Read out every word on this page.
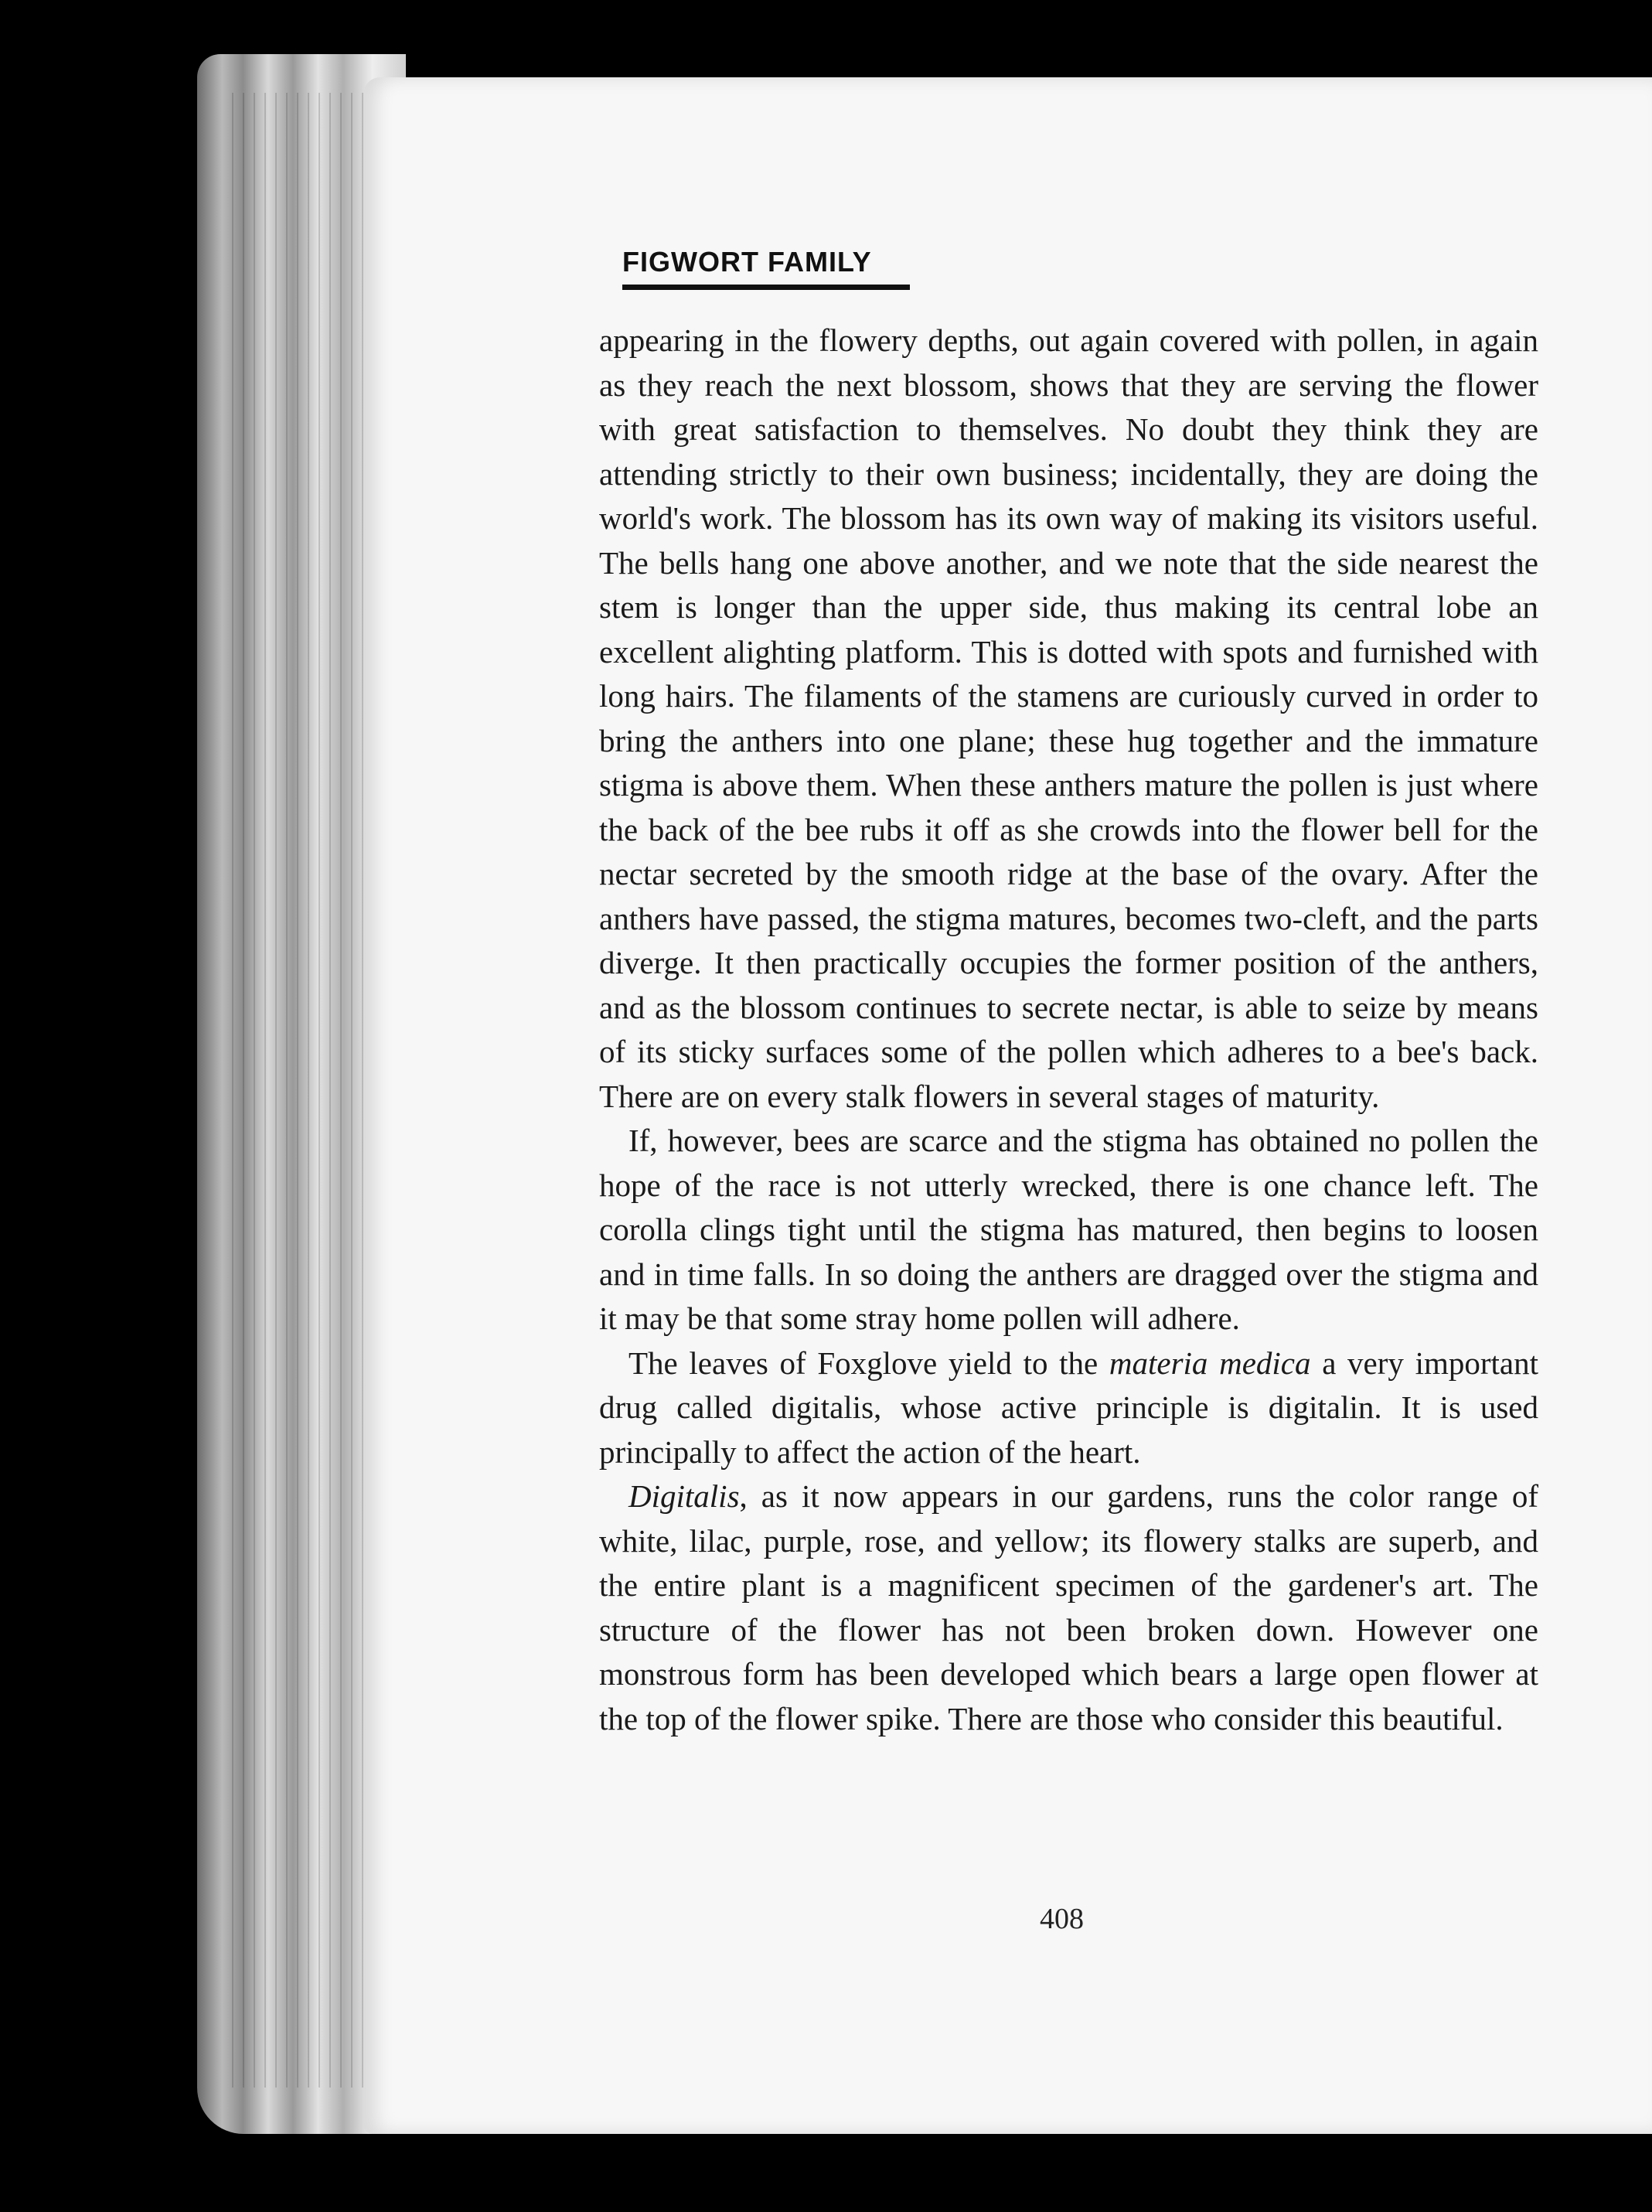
FIGWORT FAMILY

appearing in the flowery depths, out again covered with pollen, in again as they reach the next blossom, shows that they are serving the flower with great satisfaction to themselves. No doubt they think they are attending strictly to their own business; incidentally, they are doing the world's work. The blossom has its own way of making its visitors useful. The bells hang one above another, and we note that the side nearest the stem is longer than the upper side, thus making its central lobe an excellent alighting platform. This is dotted with spots and furnished with long hairs. The filaments of the stamens are curiously curved in order to bring the anthers into one plane; these hug together and the immature stigma is above them. When these anthers mature the pollen is just where the back of the bee rubs it off as she crowds into the flower bell for the nectar secreted by the smooth ridge at the base of the ovary. After the anthers have passed, the stigma matures, becomes two-cleft, and the parts diverge. It then practically occupies the former position of the anthers, and as the blossom continues to secrete nectar, is able to seize by means of its sticky surfaces some of the pollen which adheres to a bee's back. There are on every stalk flowers in several stages of maturity.

If, however, bees are scarce and the stigma has obtained no pollen the hope of the race is not utterly wrecked, there is one chance left. The corolla clings tight until the stigma has matured, then begins to loosen and in time falls. In so doing the anthers are dragged over the stigma and it may be that some stray home pollen will adhere.

The leaves of Foxglove yield to the materia medica a very important drug called digitalis, whose active principle is digitalin. It is used principally to affect the action of the heart.

Digitalis, as it now appears in our gardens, runs the color range of white, lilac, purple, rose, and yellow; its flowery stalks are superb, and the entire plant is a magnificent specimen of the gardener's art. The structure of the flower has not been broken down. However one monstrous form has been developed which bears a large open flower at the top of the flower spike. There are those who consider this beautiful.

408
